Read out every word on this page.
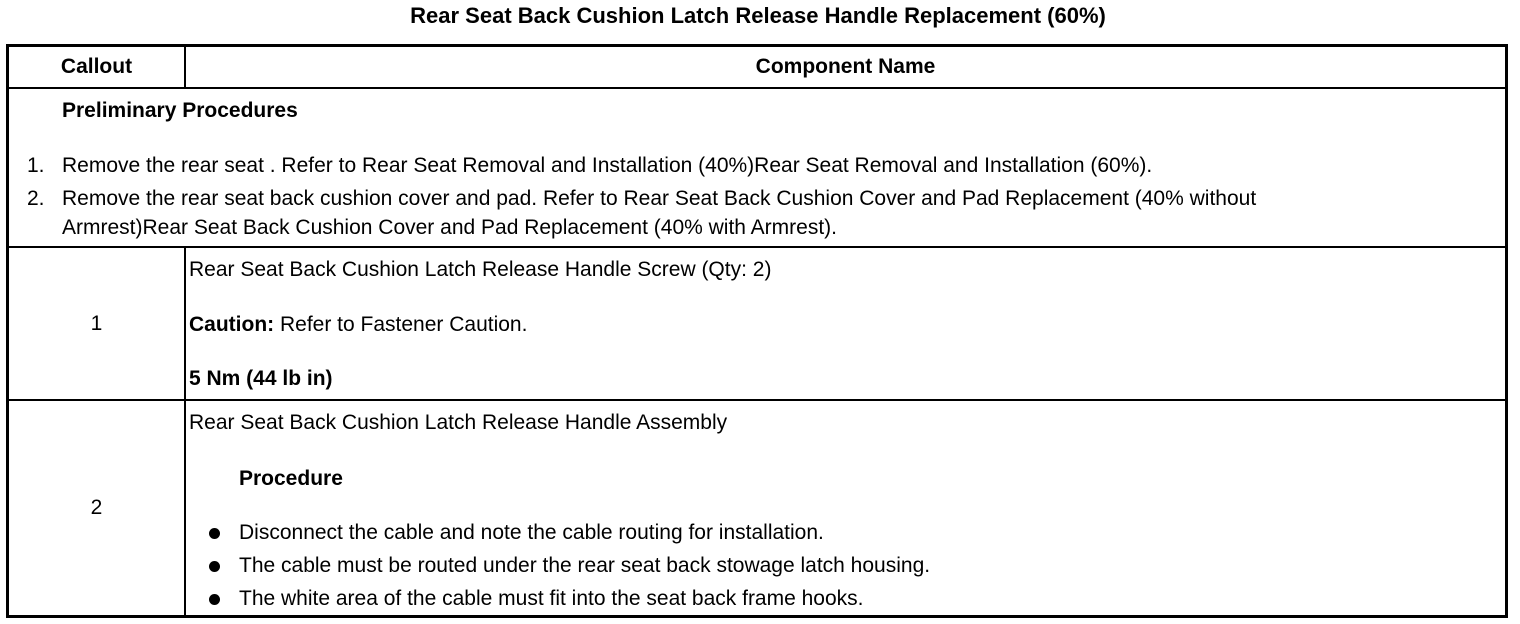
Rear Seat Back Cushion Latch Release Handle Replacement (60%)
Callout	Component Name
Preliminary Procedures
1. Remove the rear seat . Refer to Rear Seat Removal and Installation (40%)Rear Seat Removal and Installation (60%).
2. Remove the rear seat back cushion cover and pad. Refer to Rear Seat Back Cushion Cover and Pad Replacement (40% without
Armrest)Rear Seat Back Cushion Cover and Pad Replacement (40% with Armrest).
1
Rear Seat Back Cushion Latch Release Handle Screw (Qty: 2)
Caution: Refer to Fastener Caution.
5 Nm (44 lb in)
2
Rear Seat Back Cushion Latch Release Handle Assembly
Procedure
Disconnect the cable and note the cable routing for installation.
The cable must be routed under the rear seat back stowage latch housing.
The white area of the cable must fit into the seat back frame hooks.
